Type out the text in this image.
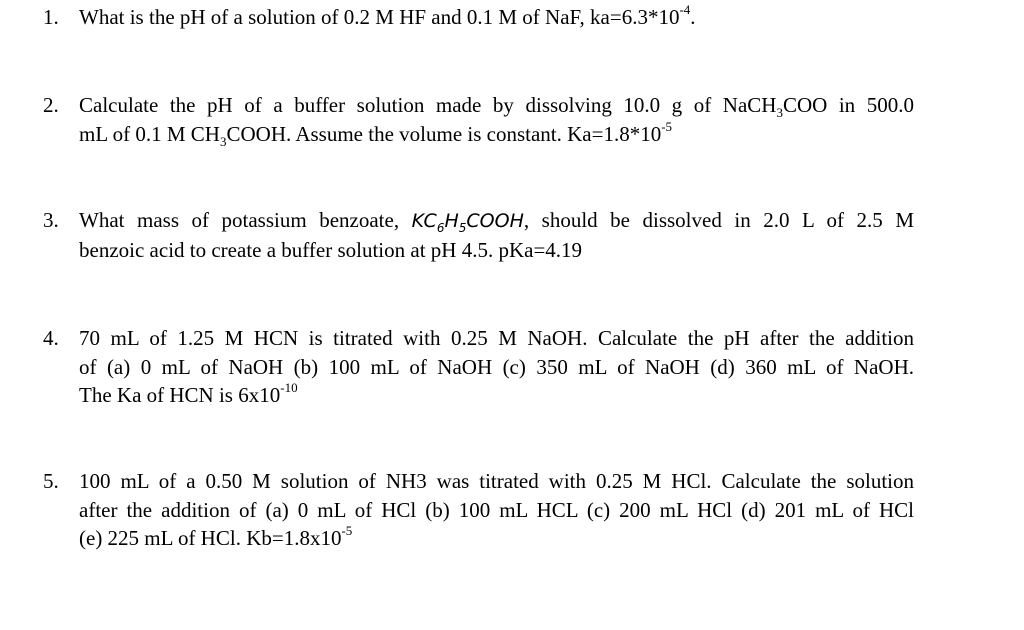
1. What is the pH of a solution of 0.2 M HF and 0.1 M of NaF, $ka=6.3*10^{-4}$.
2. Calculate the pH of a buffer solution made by dissolving 10.0 g of NaCH$_3$COO in 500.0
mL of 0.1 M $CH_3COOH$. Assume the volume is constant. $Ka=1.8*10^{-5}$
3. What mass of potassium benzoate, $KC_6H_5COOH$, should be dissolved in 2.0 L of 2.5 M
benzoic acid to create a buffer solution at pH 4.5. pKa=4.19
4. 70 mL of 1.25 M HCN is titrated with 0.25 M NaOH. Calculate the pH after the addition
of (a) 0 mL of NaOH (b) 100 mL of NaOH (c) 350 mL of NaOH (d) 360 mL of NaOH.
The Ka of HCN is $6x10^{-10}$
5. 100 mL of a 0.50 M solution of NH3 was titrated with 0.25 M HCl. Calculate the solution
after the addition of (a) 0 mL of HCl (b) 100 mL HCL (c) 200 mL HCl (d) 201 mL of HCl
(e) 225 mL of HCl. $Kb=1.8x10^{-5}$
